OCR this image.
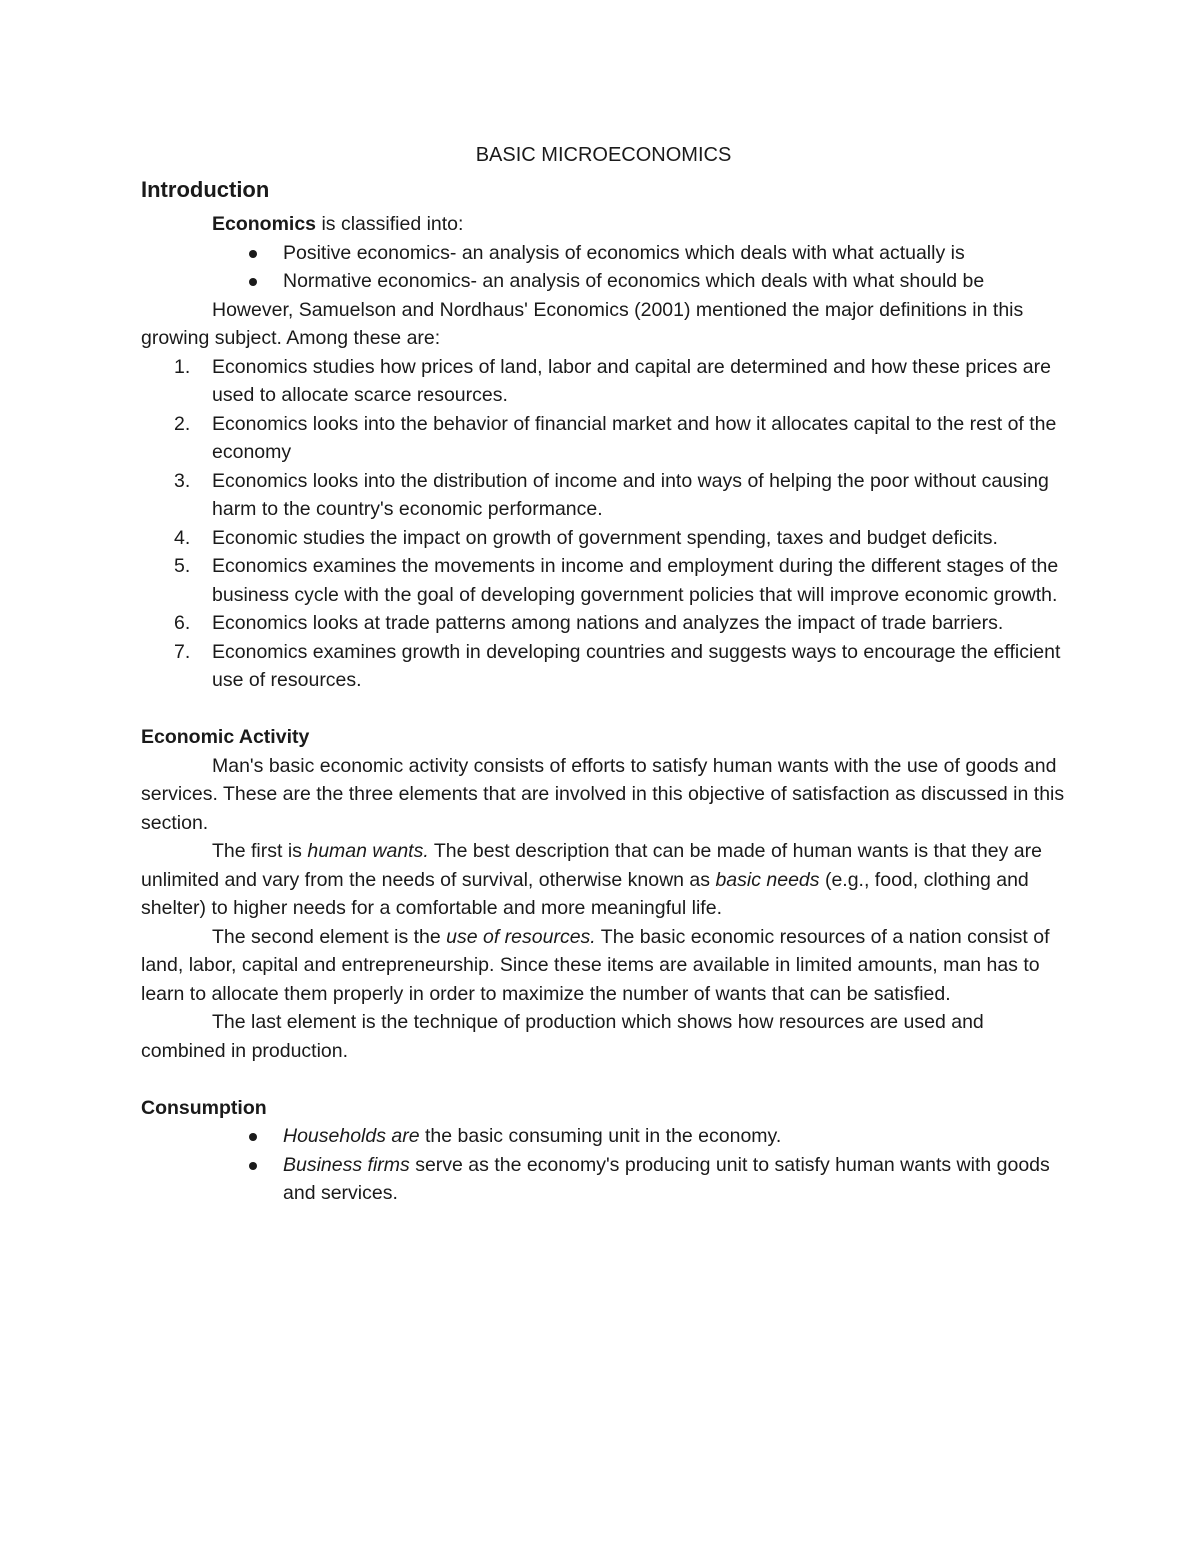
BASIC MICROECONOMICS
Introduction

Economics is classified into:

Positive economics- an analysis of economics which deals with what actually is
Normative economics- an analysis of economics which deals with what should be

However, Samuelson and Nordhaus' Economics (2001) mentioned the major definitions in this growing subject. Among these are:

1.	Economics studies how prices of land, labor and capital are determined and how these prices are used to allocate scarce resources.
2.	Economics looks into the behavior of financial market and how it allocates capital to the rest of the economy
3.	Economics looks into the distribution of income and into ways of helping the poor without causing harm to the country's economic performance.
4.	Economic studies the impact on growth of government spending, taxes and budget deficits.
5.	Economics examines the movements in income and employment during the different stages of the business cycle with the goal of developing government policies that will improve economic growth.
6.	Economics looks at trade patterns among nations and analyzes the impact of trade barriers.
7.	Economics examines growth in developing countries and suggests ways to encourage the efficient use of resources.
Economic Activity

Man's basic economic activity consists of efforts to satisfy human wants with the use of goods and services. These are the three elements that are involved in this objective of satisfaction as discussed in this section.

The first is human wants. The best description that can be made of human wants is that they are unlimited and vary from the needs of survival, otherwise known as basic needs (e.g., food, clothing and shelter) to higher needs for a comfortable and more meaningful life.

The second element is the use of resources. The basic economic resources of a nation consist of land, labor, capital and entrepreneurship. Since these items are available in limited amounts, man has to learn to allocate them properly in order to maximize the number of wants that can be satisfied.

The last element is the technique of production which shows how resources are used and combined in production.

Consumption
Households are the basic consuming unit in the economy.
Business firms serve as the economy's producing unit to satisfy human wants with goods and services.
